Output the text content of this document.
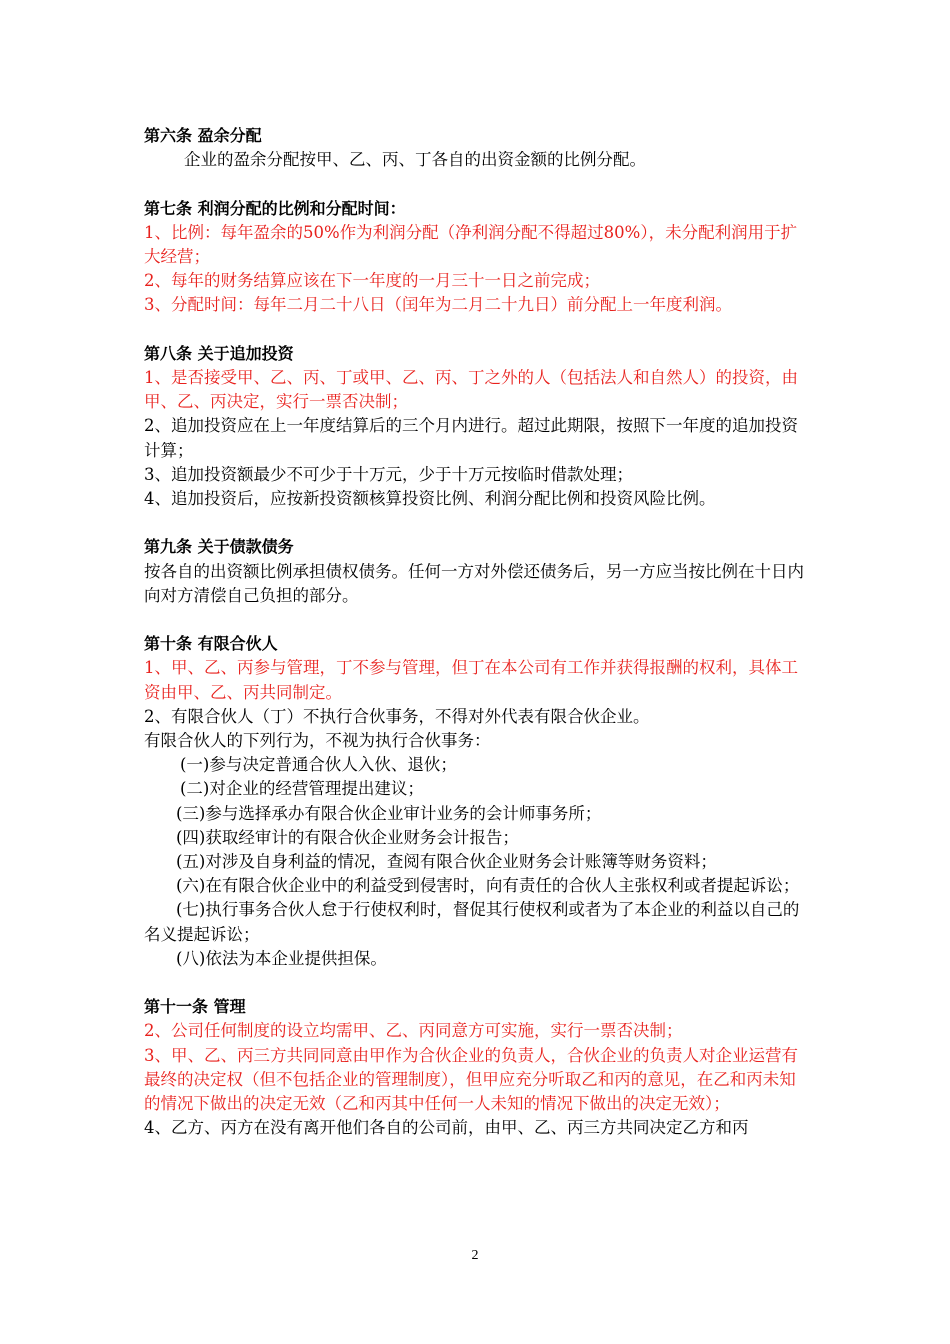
第六条 盈余分配

企业的盈余分配按甲、乙、丙、丁各自的出资金额的比例分配。

第七条 利润分配的比例和分配时间：

1、比例：每年盈余的50%作为利润分配（净利润分配不得超过80%），未分配利润用于扩大经营；

2、每年的财务结算应该在下一年度的一月三十一日之前完成；

3、分配时间：每年二月二十八日（闰年为二月二十九日）前分配上一年度利润。

第八条 关于追加投资

1、是否接受甲、乙、丙、丁或甲、乙、丙、丁之外的人（包括法人和自然人）的投资，由甲、乙、丙决定，实行一票否决制；

2、追加投资应在上一年度结算后的三个月内进行。超过此期限，按照下一年度的追加投资计算；

3、追加投资额最少不可少于十万元，少于十万元按临时借款处理；

4、追加投资后，应按新投资额核算投资比例、利润分配比例和投资风险比例。

第九条 关于债款债务

按各自的出资额比例承担债权债务。任何一方对外偿还债务后，另一方应当按比例在十日内向对方清偿自己负担的部分。

第十条 有限合伙人

1、甲、乙、丙参与管理，丁不参与管理，但丁在本公司有工作并获得报酬的权利，具体工资由甲、乙、丙共同制定。

2、有限合伙人（丁）不执行合伙事务，不得对外代表有限合伙企业。

有限合伙人的下列行为，不视为执行合伙事务：

(一)参与决定普通合伙人入伙、退伙；

(二)对企业的经营管理提出建议；

(三)参与选择承办有限合伙企业审计业务的会计师事务所；

(四)获取经审计的有限合伙企业财务会计报告；

(五)对涉及自身利益的情况，查阅有限合伙企业财务会计账簿等财务资料；

(六)在有限合伙企业中的利益受到侵害时，向有责任的合伙人主张权利或者提起诉讼；

(七)执行事务合伙人怠于行使权利时，督促其行使权利或者为了本企业的利益以自己的名义提起诉讼；

(八)依法为本企业提供担保。

第十一条 管理

2、公司任何制度的设立均需甲、乙、丙同意方可实施，实行一票否决制；

3、甲、乙、丙三方共同同意由甲作为合伙企业的负责人，合伙企业的负责人对企业运营有最终的决定权（但不包括企业的管理制度），但甲应充分听取乙和丙的意见，在乙和丙未知的情况下做出的决定无效（乙和丙其中任何一人未知的情况下做出的决定无效）；

4、乙方、丙方在没有离开他们各自的公司前，由甲、乙、丙三方共同决定乙方和丙

2
